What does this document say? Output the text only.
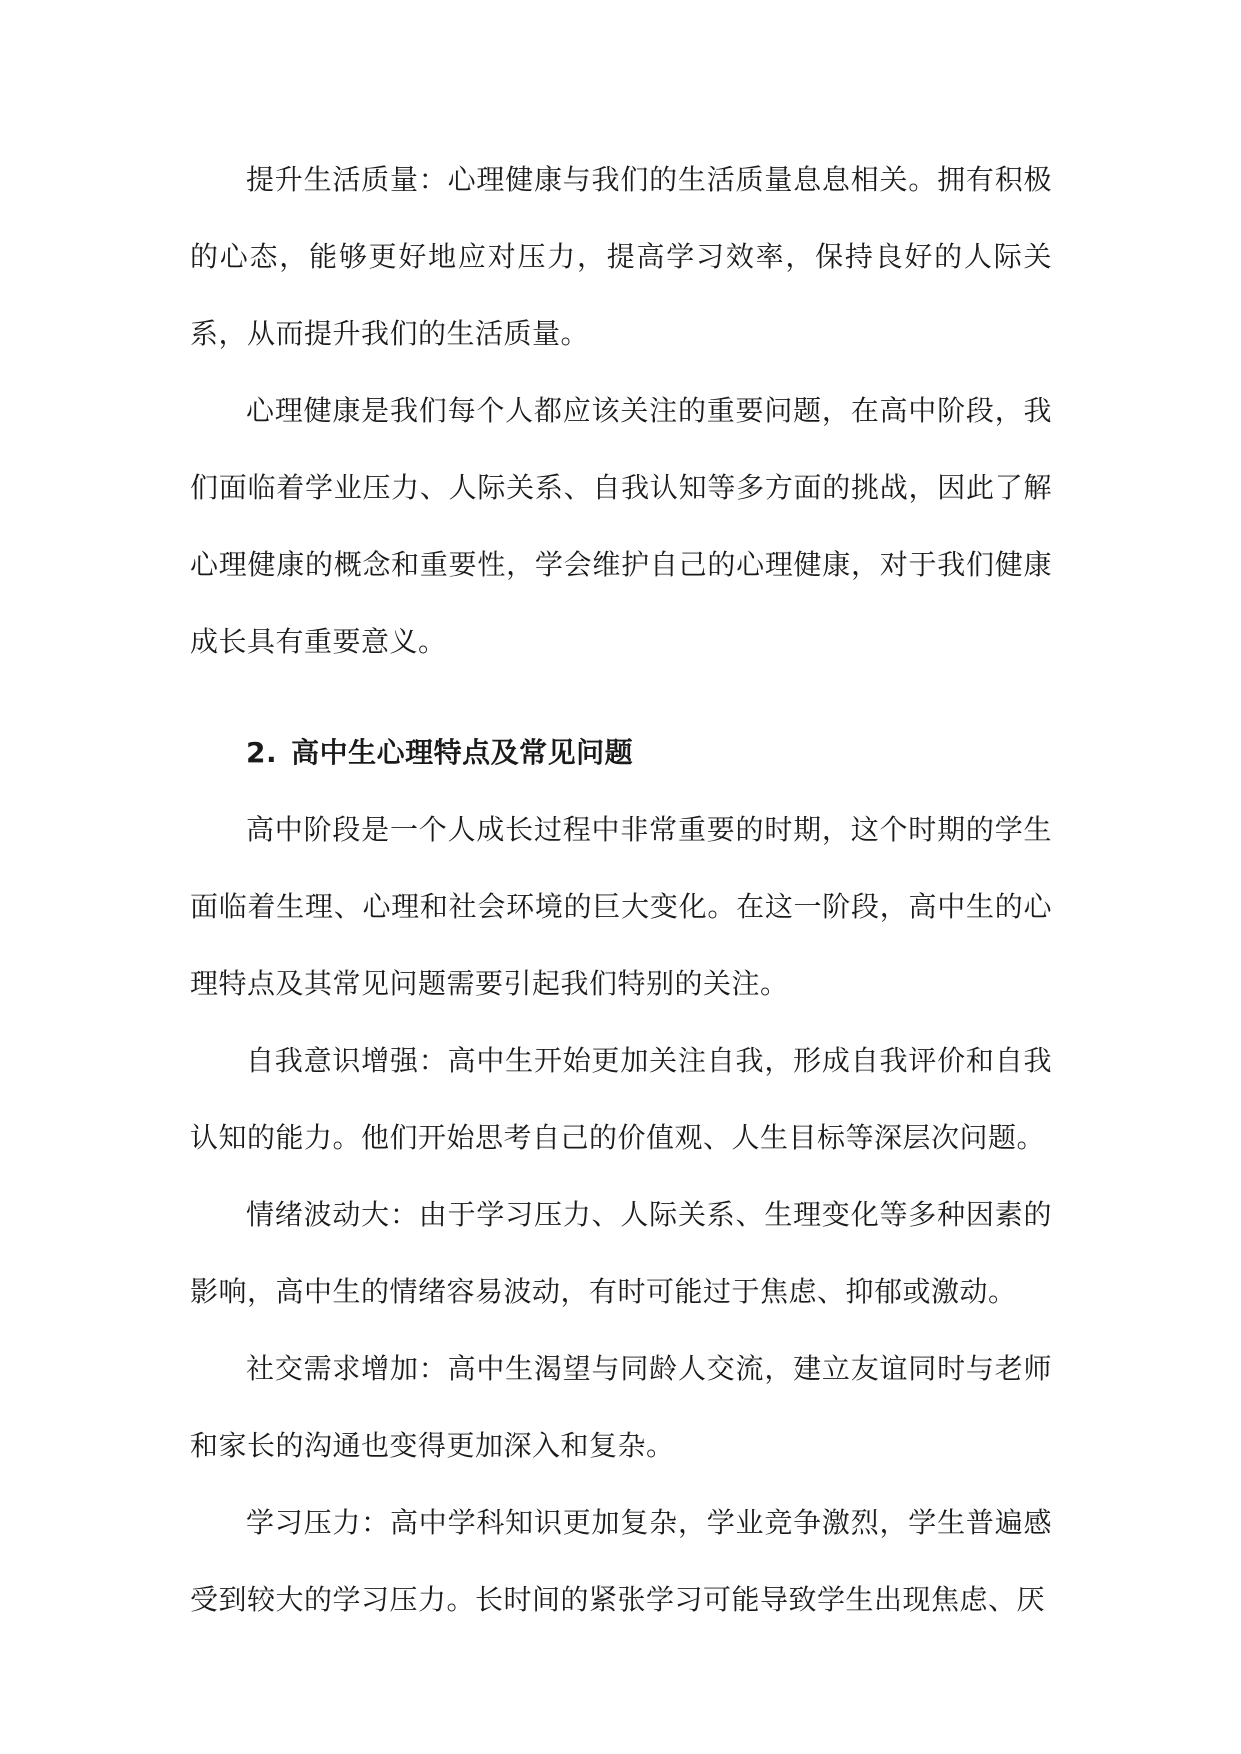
提升生活质量：心理健康与我们的生活质量息息相关。拥有积极的心态，能够更好地应对压力，提高学习效率，保持良好的人际关系，从而提升我们的生活质量。

心理健康是我们每个人都应该关注的重要问题，在高中阶段，我们面临着学业压力、人际关系、自我认知等多方面的挑战，因此了解心理健康的概念和重要性，学会维护自己的心理健康，对于我们健康成长具有重要意义。

2. 高中生心理特点及常见问题

高中阶段是一个人成长过程中非常重要的时期，这个时期的学生面临着生理、心理和社会环境的巨大变化。在这一阶段，高中生的心理特点及其常见问题需要引起我们特别的关注。

自我意识增强：高中生开始更加关注自我，形成自我评价和自我认知的能力。他们开始思考自己的价值观、人生目标等深层次问题。

情绪波动大：由于学习压力、人际关系、生理变化等多种因素的影响，高中生的情绪容易波动，有时可能过于焦虑、抑郁或激动。

社交需求增加：高中生渴望与同龄人交流，建立友谊同时与老师和家长的沟通也变得更加深入和复杂。

学习压力：高中学科知识更加复杂，学业竞争激烈，学生普遍感受到较大的学习压力。长时间的紧张学习可能导致学生出现焦虑、厌
